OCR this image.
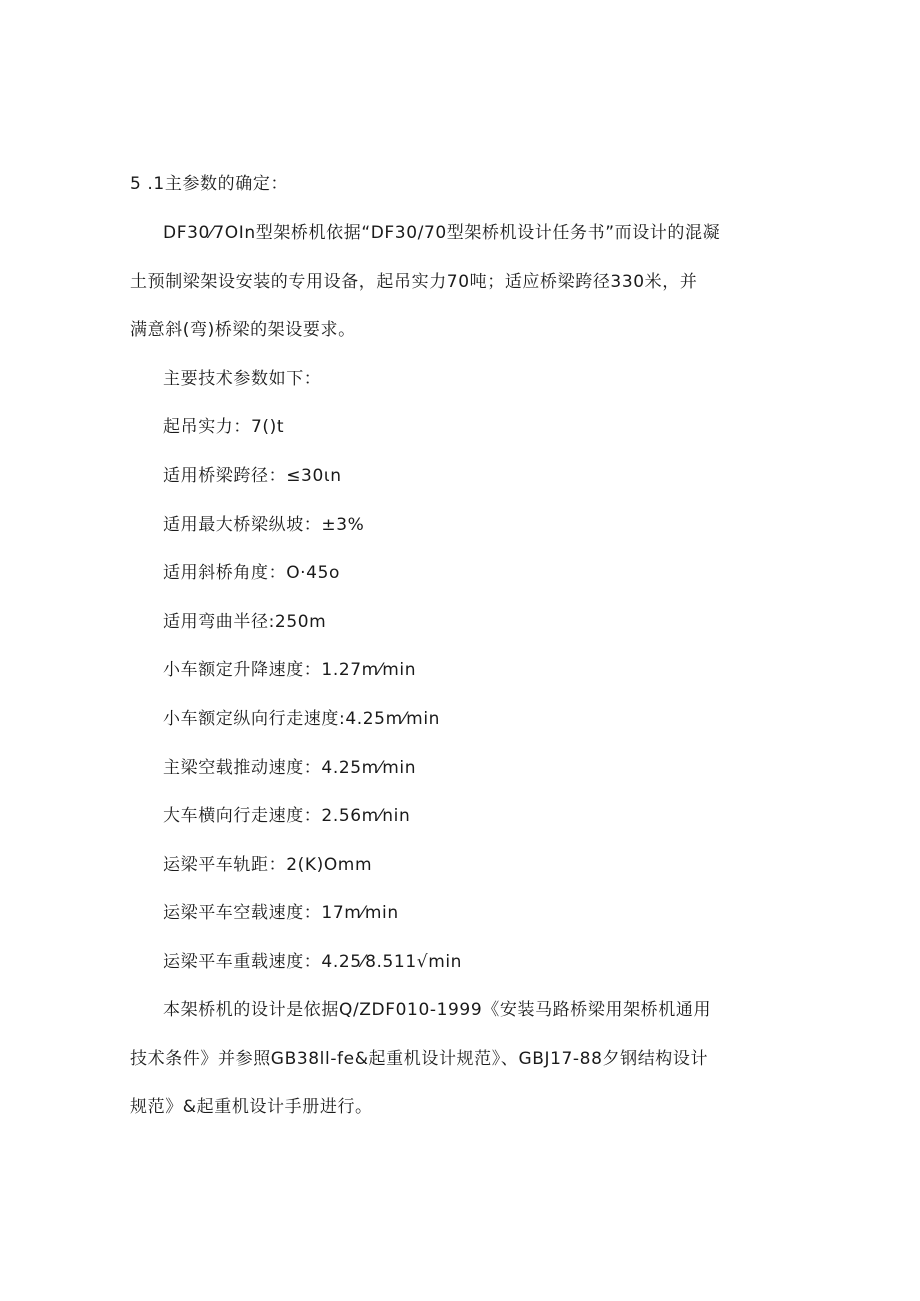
5 .1主参数的确定：
DF30⁄7OIn型架桥机依据“DF30/70型架桥机设计任务书”而设计的混凝
土预制梁架设安装的专用设备，起吊实力70吨；适应桥梁跨径330米，并
满意斜(弯)桥梁的架设要求。
主要技术参数如下：
起吊实力：7()t
适用桥梁跨径：≤30ιn
适用最大桥梁纵坡：±3%
适用斜桥角度：O·45o
适用弯曲半径:250m
小车额定升降速度：1.27m⁄min
小车额定纵向行走速度:4.25m⁄min
主梁空载推动速度：4.25m⁄min
大车横向行走速度：2.56m⁄nin
运梁平车轨距：2(K)Omm
运梁平车空载速度：17m⁄min
运梁平车重载速度：4.25⁄8.511√min
本架桥机的设计是依据Q/ZDF010-1999《安装马路桥梁用架桥机通用
技术条件》并参照GB38ll-fe&起重机设计规范》、GBJ17-88夕钢结构设计
规范》&起重机设计手册进行。
